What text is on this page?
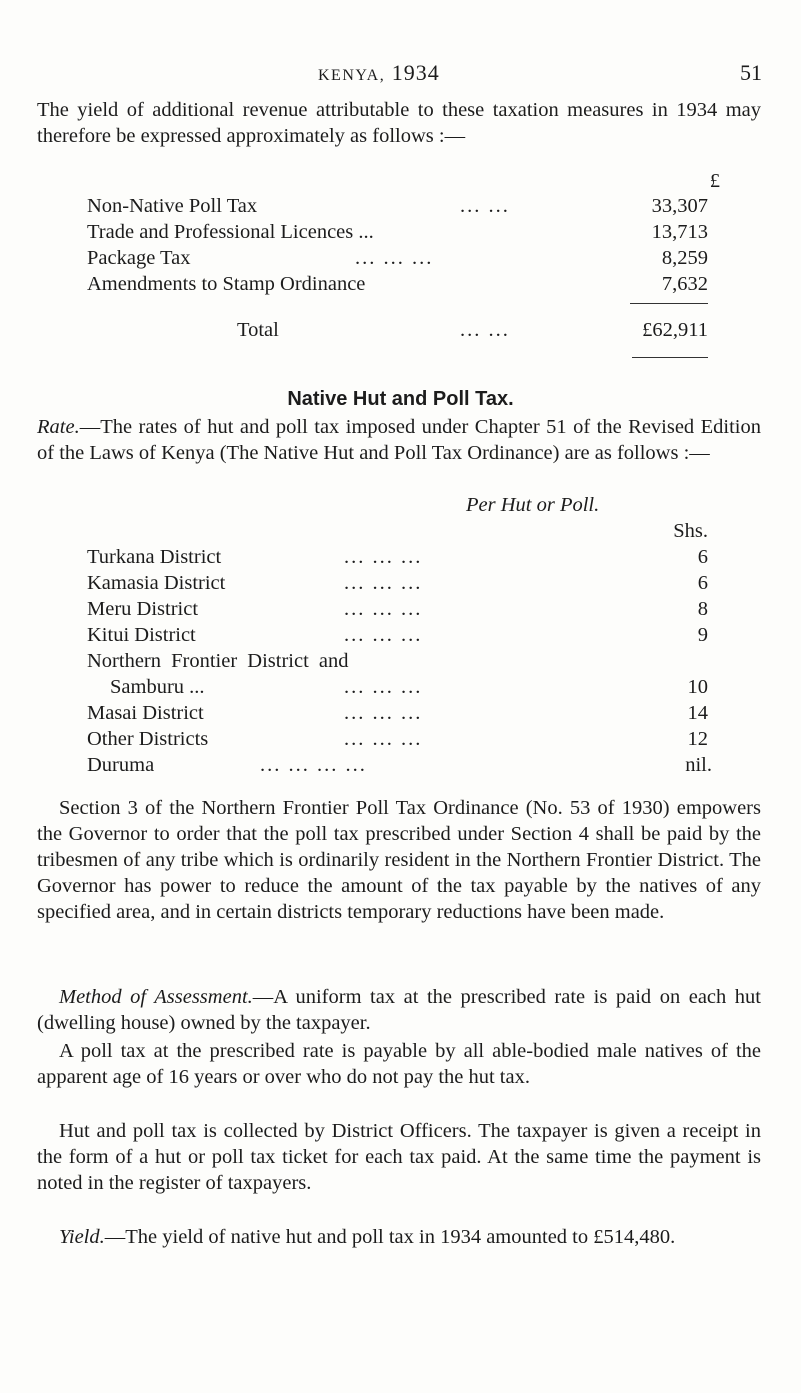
KENYA, 1934	51
The yield of additional revenue attributable to these taxation measures in 1934 may therefore be expressed approximately as follows :—
£
Non-Native Poll Tax	... ...	33,307
Trade and Professional Licences ...	13,713
Package Tax	... ... ...	8,259
Amendments to Stamp Ordinance	7,632
Total	... ...	£62,911
Native Hut and Poll Tax.
Rate.—The rates of hut and poll tax imposed under Chapter 51 of the Revised Edition of the Laws of Kenya (The Native Hut and Poll Tax Ordinance) are as follows :—
Per Hut or Poll.
Shs.
Turkana District	... ... ...	6
Kamasia District	... ... ...	6
Meru District	... ... ...	8
Kitui District	... ... ...	9
Northern Frontier District and
Samburu ...	... ... ...	10
Masai District	... ... ...	14
Other Districts	... ... ...	12
Duruma	... ... ... ...	nil.
Section 3 of the Northern Frontier Poll Tax Ordinance (No. 53 of 1930) empowers the Governor to order that the poll tax prescribed under Section 4 shall be paid by the tribesmen of any tribe which is ordinarily resident in the Northern Frontier District. The Governor has power to reduce the amount of the tax payable by the natives of any specified area, and in certain districts temporary reductions have been made.
Method of Assessment.—A uniform tax at the prescribed rate is paid on each hut (dwelling house) owned by the taxpayer.
A poll tax at the prescribed rate is payable by all able-bodied male natives of the apparent age of 16 years or over who do not pay the hut tax.
Hut and poll tax is collected by District Officers. The taxpayer is given a receipt in the form of a hut or poll tax ticket for each tax paid. At the same time the payment is noted in the register of taxpayers.
Yield.—The yield of native hut and poll tax in 1934 amounted to £514,480.
